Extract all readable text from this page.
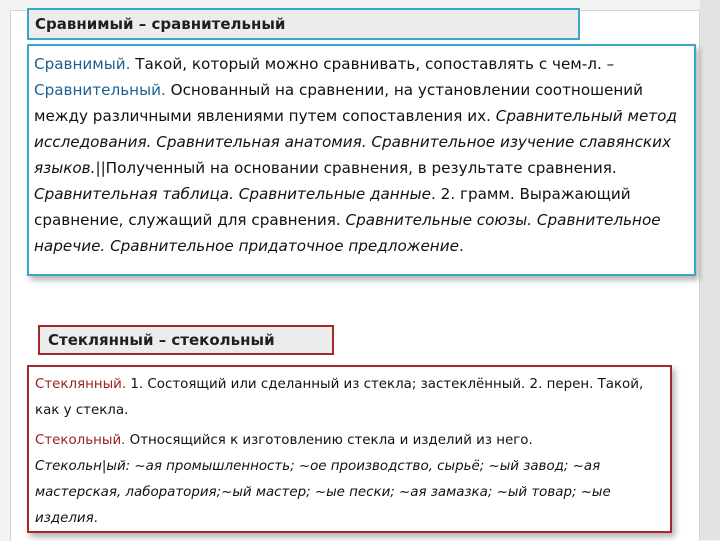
Сравнимый – сравнительный

Сравнимый. Такой, который можно сравнивать, сопоставлять с чем-л. – Сравнительный. Основанный на сравнении, на установлении соотношений между различными явлениями путем сопоставления их. Сравнительный метод исследования. Сравнительная анатомия. Сравнительное изучение славянских языков.||Полученный на основании сравнения, в результате сравнения. Сравнительная таблица. Сравнительные данные. 2. грамм. Выражающий сравнение, служащий для сравнения. Сравнительные союзы. Сравнительное наречие. Сравнительное придаточное предложение.

Стеклянный – стекольный

Стеклянный. 1. Состоящий или сделанный из стекла; застеклённый. 2. перен. Такой, как у стекла.

Стекольный. Относящийся к изготовлению стекла и изделий из него.
Стекольн|ый: ~ая промышленность; ~ое производство, сырьё; ~ый завод; ~ая мастерская, лаборатория;~ый мастер; ~ые пески; ~ая замазка; ~ый товар; ~ые изделия.
